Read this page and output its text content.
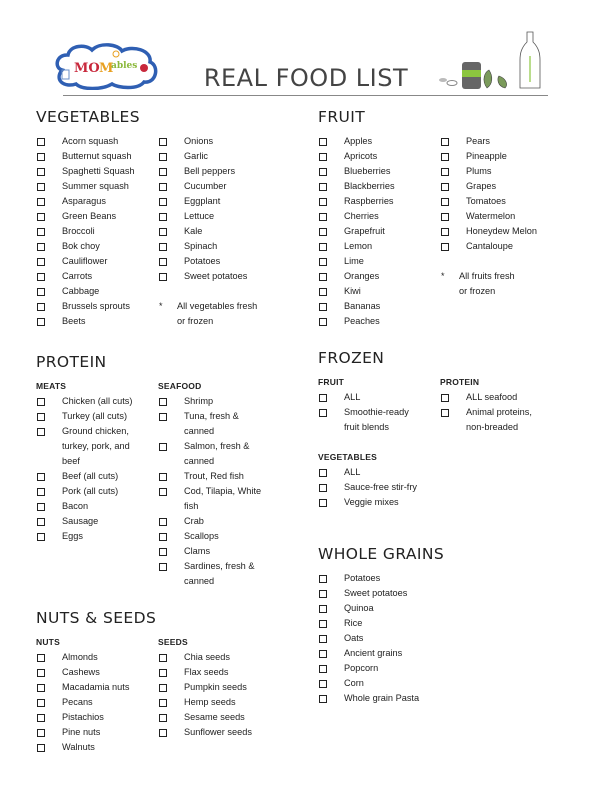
MO M
ables	REAL FOOD LIST
VEGETABLES
Acorn squash
Butternut squash
Spaghetti Squash
Summer squash
Asparagus
Green Beans
Broccoli
Bok choy
Cauliflower
Carrots
Cabbage
Brussels sprouts
Beets
Onions
Garlic
Bell peppers
Cucumber
Eggplant
Lettuce
Kale
Spinach
Potatoes
Sweet potatoes
*	All vegetables fresh
or frozen
FRUIT
Apples
Apricots
Blueberries
Blackberries
Raspberries
Cherries
Grapefruit
Lemon
Lime
Oranges
Kiwi
Bananas
Peaches
Pears
Pineapple
Plums
Grapes
Tomatoes
Watermelon
Honeydew Melon
Cantaloupe
*	All fruits fresh
or frozen
PROTEIN
MEATS
Chicken (all cuts)
Turkey (all cuts)
Ground chicken,
turkey, pork, and
beef
Beef (all cuts)
Pork (all cuts)
Bacon
Sausage
Eggs
SEAFOOD
Shrimp
Tuna, fresh &
canned
Salmon, fresh &
canned
Trout, Red fish
Cod, Tilapia, White
fish
Crab
Scallops
Clams
Sardines, fresh &
canned
FROZEN
FRUIT
ALL
Smoothie-ready
fruit blends
PROTEIN
ALL seafood
Animal proteins,
non-breaded
VEGETABLES
ALL
Sauce-free stir-fry
Veggie mixes
WHOLE GRAINS
Potatoes
Sweet potatoes
Quinoa
Rice
Oats
Ancient grains
Popcorn
Corn
Whole grain Pasta
NUTS & SEEDS
NUTS
Almonds
Cashews
Macadamia nuts
Pecans
Pistachios
Pine nuts
Walnuts
SEEDS
Chia seeds
Flax seeds
Pumpkin seeds
Hemp seeds
Sesame seeds
Sunflower seeds
